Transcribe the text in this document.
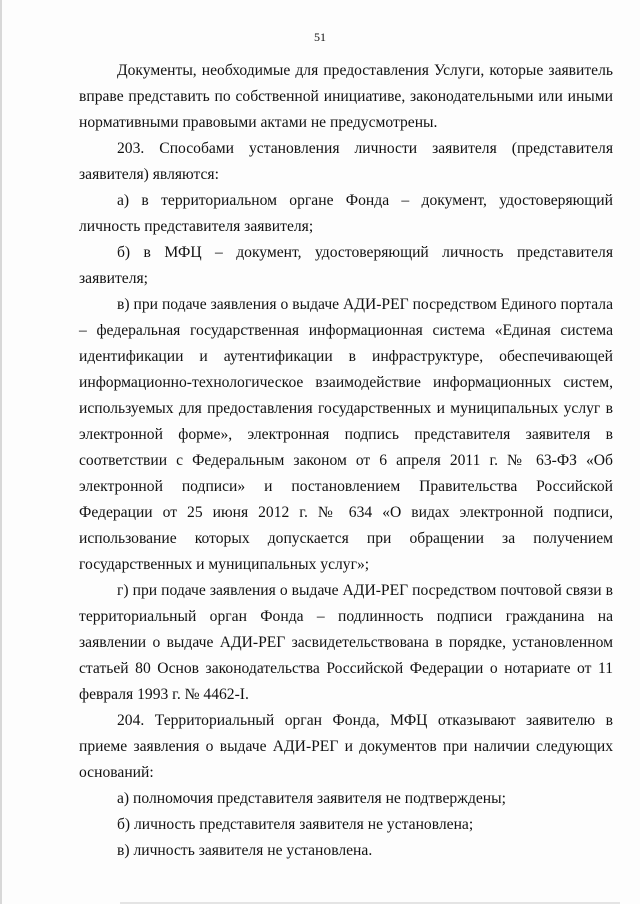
51

Документы, необходимые для предоставления Услуги, которые заявитель вправе представить по собственной инициативе, законодательными или иными нормативными правовыми актами не предусмотрены.

203. Способами установления личности заявителя (представителя заявителя) являются:

а) в территориальном органе Фонда – документ, удостоверяющий личность представителя заявителя;

б) в МФЦ – документ, удостоверяющий личность представителя заявителя;

в) при подаче заявления о выдаче АДИ-РЕГ посредством Единого портала – федеральная государственная информационная система «Единая система идентификации и аутентификации в инфраструктуре, обеспечивающей информационно-технологическое взаимодействие информационных систем, используемых для предоставления государственных и муниципальных услуг в электронной форме», электронная подпись представителя заявителя в соответствии с Федеральным законом от 6 апреля 2011 г. № 63-ФЗ «Об электронной подписи» и постановлением Правительства Российской Федерации от 25 июня 2012 г. № 634 «О видах электронной подписи, использование которых допускается при обращении за получением государственных и муниципальных услуг»;

г) при подаче заявления о выдаче АДИ-РЕГ посредством почтовой связи в территориальный орган Фонда – подлинность подписи гражданина на заявлении о выдаче АДИ-РЕГ засвидетельствована в порядке, установленном статьей 80 Основ законодательства Российской Федерации о нотариате от 11 февраля 1993 г. № 4462-I.

204. Территориальный орган Фонда, МФЦ отказывают заявителю в приеме заявления о выдаче АДИ-РЕГ и документов при наличии следующих оснований:

а) полномочия представителя заявителя не подтверждены;

б) личность представителя заявителя не установлена;

в) личность заявителя не установлена.
